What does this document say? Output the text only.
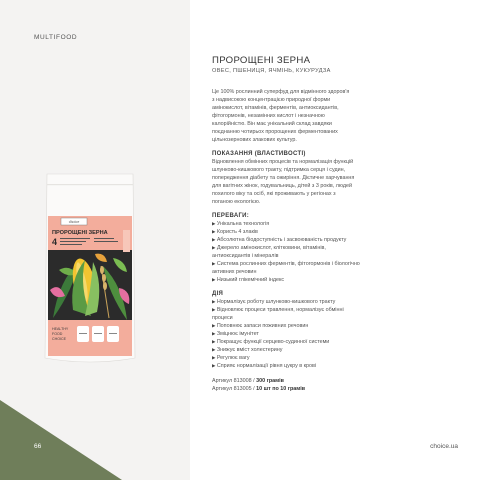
MULTIFOOD
choice
ПРОРОЩЕНІ ЗЕРНА
4
HEALTHY
FOOD
CHOICE
66	choice.ua
ПРОРОЩЕНІ ЗЕРНА
ОВЕС, ПШЕНИЦЯ, ЯЧМІНЬ, КУКУРУДЗА
Це 100% рослинний суперфуд для відмінного здоров'я
з надвисокою концентрацією природної форми
амінокислот, вітамінів, ферментів, антиоксидантів,
фітогормонів, незамінних кислот і незначною
калорійністю. Він має унікальний склад завдяки
поєднанню чотирьох пророщених ферментованих
цільнозернових злакових культур.
ПОКАЗАННЯ (ВЛАСТИВОСТІ)
Відновлення обмінних процесів та нормалізація функцій
шлунково-кишкового тракту, підтримка серця і судин,
попередження діабету та ожиріння. Дієтичне харчування
для вагітних жінок, годувальниць, дітей з 3 років, людей
похилого віку та осіб, які проживають у регіонах з
поганою екологією.
ПЕРЕВАГИ:
▶ Унікальна технологія
▶ Користь 4 злаків
▶ Абсолютна біодоступність і засвоюваність продукту
▶ Джерело амінокислот, клітковини, вітамінів,
антиоксидантів і мінералів
▶ Система рослинних ферментів, фітогормонів і біологічно
активних речовин
▶ Низький глікемічний індекс
ДІЯ
▶ Нормалізує роботу шлунково-кишкового тракту
▶ Відновлює процеси травлення, нормалізує обмінні
процеси
▶ Поповнює запаси поживних речовин
▶ Зміцнює імунітет
▶ Покращує функції серцево-судинної системи
▶ Знижує вміст холестерину
▶ Регулює вагу
▶ Сприяє нормалізації рівня цукру в крові
Артикул 813008 / 300 грамів
Артикул 813005 / 10 шт по 10 грамів
